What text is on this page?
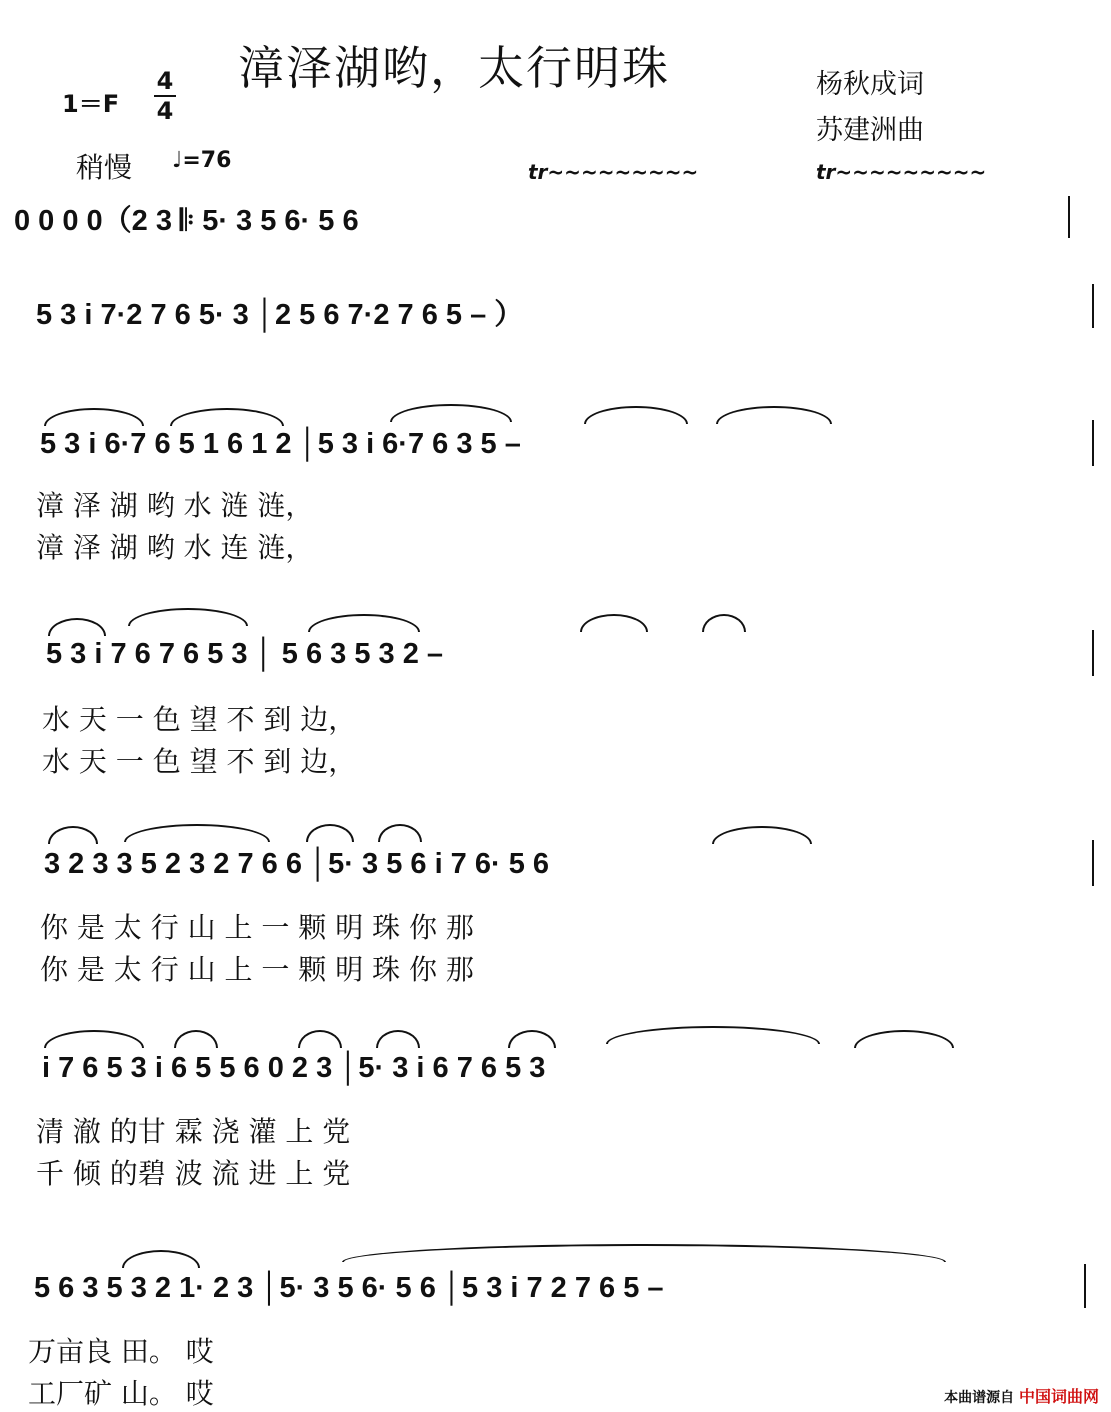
漳泽湖哟，太行明珠	杨秋成词
苏建洲曲
1＝F
4
4
稍慢 ♩=76	tr~~~~~~~~~	tr~~~~~~~~~
0 0 0 0（2 3 𝄆 5· 3 5 6· 5 6
5 3 i 7·2 7 6 5· 3 │2 5 6 7·2 7 6 5 – ）
5 3 i 6·7 6 5 1 6 1 2 │5 3 i 6·7 6 3 5 –
漳 泽 湖 哟 水 涟 涟，
漳 泽 湖 哟 水 连 涟，
5 3 i 7 6 7 6 5 3 │ 5 6 3 5 3 2 –
水 天 一 色 望 不 到 边，
水 天 一 色 望 不 到 边，
3 2 3 3 5 2 3 2 7 6 6 │5· 3 5 6 i 7 6· 5 6
你 是 太 行 山 上 一 颗 明 珠 你 那
你 是 太 行 山 上 一 颗 明 珠 你 那
i 7 6 5 3 i 6 5 5 6 0 2 3 │5· 3 i 6 7 6 5 3
清 澈 的甘 霖 浇 灌 上 党
千 倾 的碧 波 流 进 上 党
5 6 3 5 3 2 1· 2 3 │5· 3 5 6· 5 6 │5 3 i 7 2 7 6 5 –
万亩良 田。 哎
工厂矿 山。 哎	本曲谱源自 中国词曲网
